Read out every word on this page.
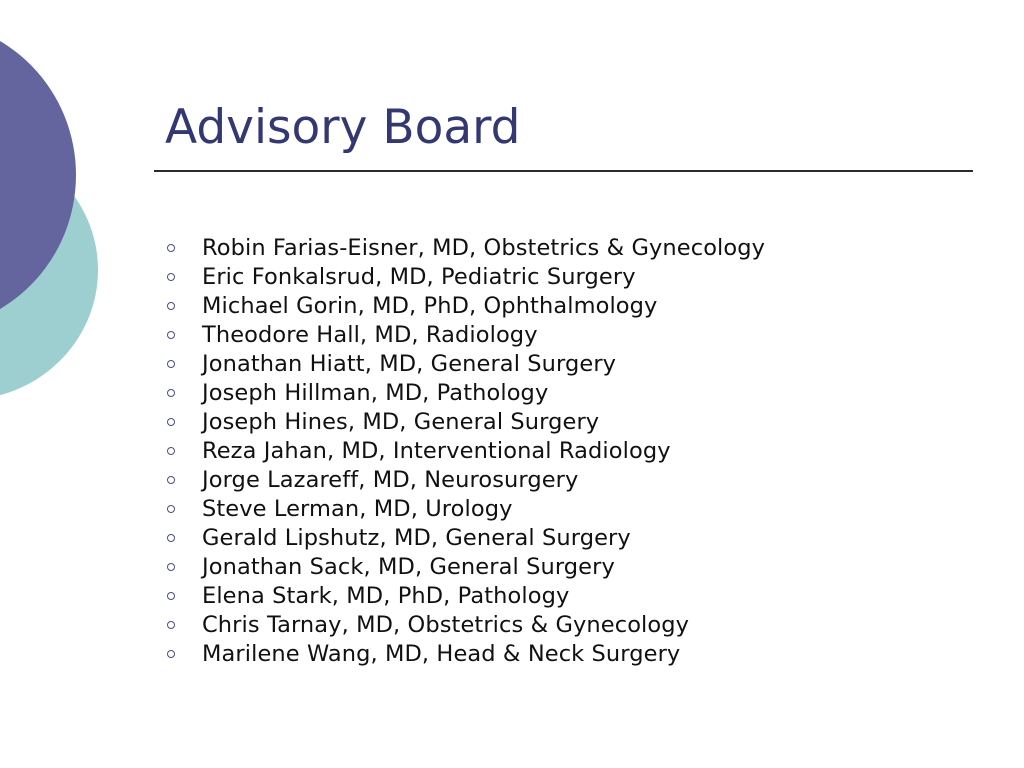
Advisory Board
Robin Farias-Eisner, MD, Obstetrics & Gynecology
Eric Fonkalsrud, MD, Pediatric Surgery
Michael Gorin, MD, PhD, Ophthalmology
Theodore Hall, MD, Radiology
Jonathan Hiatt, MD, General Surgery
Joseph Hillman, MD, Pathology
Joseph Hines, MD, General Surgery
Reza Jahan, MD, Interventional Radiology
Jorge Lazareff, MD, Neurosurgery
Steve Lerman, MD, Urology
Gerald Lipshutz, MD, General Surgery
Jonathan Sack, MD, General Surgery
Elena Stark, MD, PhD, Pathology
Chris Tarnay, MD, Obstetrics & Gynecology
Marilene Wang, MD, Head & Neck Surgery
